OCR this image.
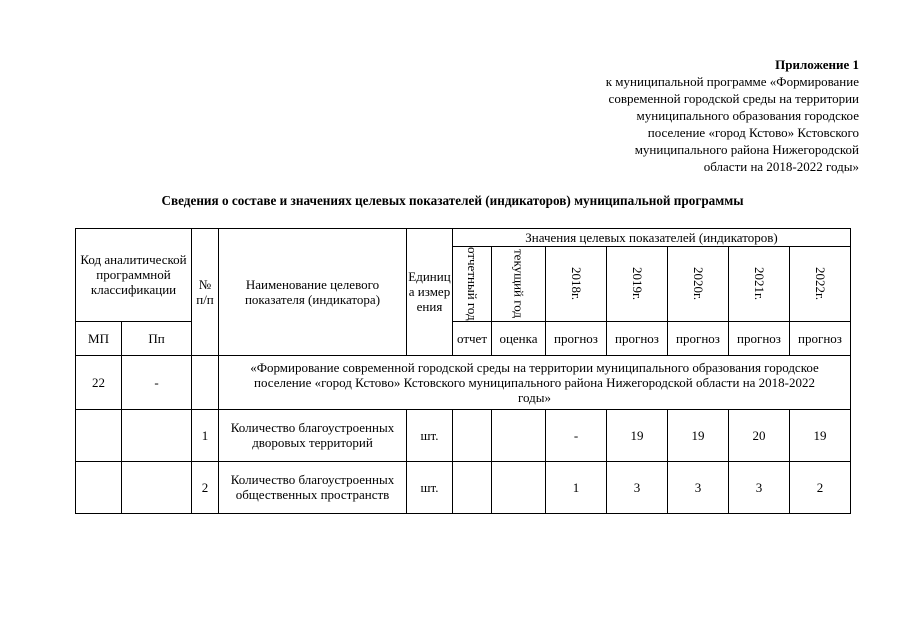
Приложение 1
к муниципальной программе «Формирование
современной городской среды на территории
муниципального образования городское
поселение «город Кстово» Кстовского
муниципального района Нижегородской
области на 2018-2022 годы»
Сведения о составе и значениях целевых показателей (индикаторов) муниципальной программы
Код аналитической программной классификации		№ п/п	Наименование целевого показателя (индикатора)	Единица измерения	Значения целевых показателей (индикаторов)						

					отчетный год	текущий год	2018г.	2019г.	2020г.	2021г.	2022г.

МП	Пп				отчет	оценка	прогноз	прогноз	прогноз	прогноз	прогноз
22	-		«Формирование современной городской среды на территории муниципального образования городское поселение «город Кстово» Кстовского муниципального района Нижегородской области на 2018-2022 годы»								
		1	Количество благоустроенных дворовых территорий	шт.			-	19	19	20	19
		2	Количество благоустроенных общественных пространств	шт.			1	3	3	3	2
